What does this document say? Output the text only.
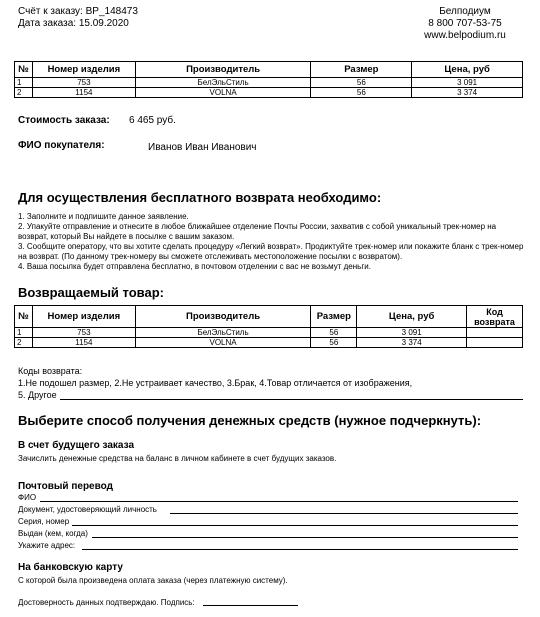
Счёт к заказу: ВР_148473
Дата заказа: 15.09.2020
Белподиум
8 800 707-53-75
www.belpodium.ru
№	Номер изделия	Производитель	Размер	Цена, руб
1	753	БелЭльСтиль	56	3 091
2	1154	VOLNA	56	3 374
Стоимость заказа: 6 465 руб.
ФИО покупателя:	Иванов Иван Иванович
Для осуществления бесплатного возврата необходимо:
1. Заполните и подпишите данное заявление.
2. Упакуйте отправление и отнесите в любое ближайшее отделение Почты России, захватив с собой уникальный трек-номер на возврат, который Вы найдете в посылке с вашим заказом.
3. Сообщите оператору, что вы хотите сделать процедуру «Легкий возврат». Продиктуйте трек-номер или покажите бланк с трек-номер на возврат. (По данному трек-номеру вы сможете отслеживать местоположение посылки с возвратом).
4. Ваша посылка будет отправлена бесплатно, в почтовом отделении с вас не возьмут деньги.
Возвращаемый товар:
№	Номер изделия	Производитель	Размер	Цена, руб	Код возврата
1	753	БелЭльСтиль	56	3 091	
2	1154	VOLNA	56	3 374	
Коды возврата:
1.Не подошел размер, 2.Не устраивает качество, 3.Брак, 4.Товар отличается от изображения,
5. Другое
Выберите способ получения денежных средств (нужное подчеркнуть):
В счет будущего заказа
Зачислить денежные средства на баланс в личном кабинете в счет будущих заказов.
Почтовый перевод
ФИО
Документ, удостоверяющий личность
Серия, номер
Выдан (кем, когда)
Укажите адрес:
На банковскую карту
С которой была произведена оплата заказа (через платежную систему).
Достоверность данных подтверждаю. Подпись:
